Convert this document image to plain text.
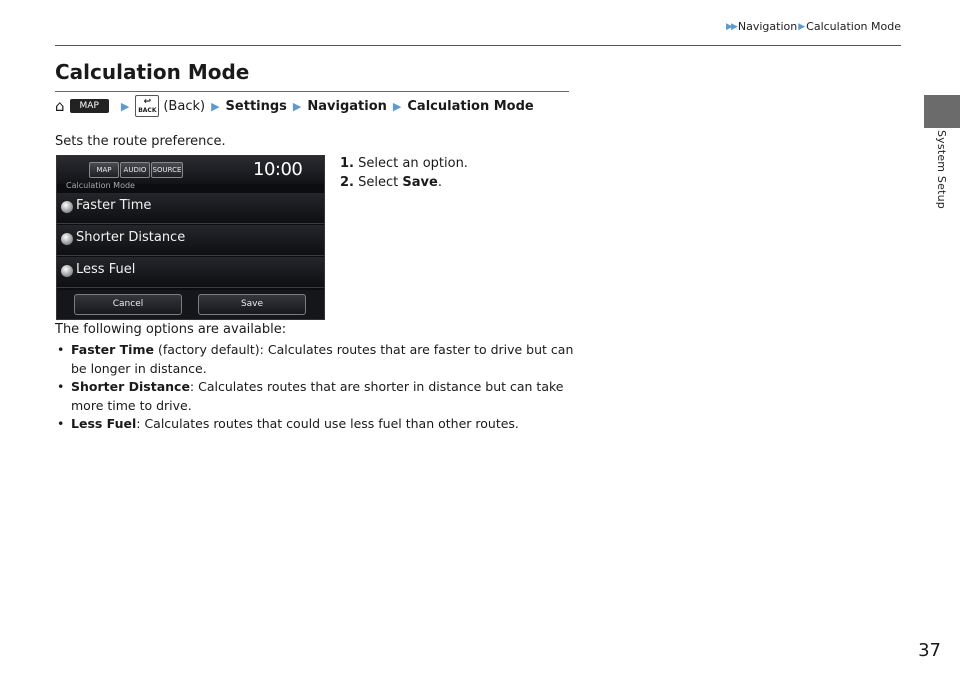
▶▶ Navigation ▶ Calculation Mode
System Setup
Calculation Mode
⌂	MAP	▶ ↩
BACK (Back) ▶ Settings ▶ Navigation ▶ Calculation Mode
Sets the route preference.
1. Select an option.
2. Select Save.
MAP	AUDIO SOURCE	10:00
Calculation Mode
Faster Time
Shorter Distance
Less Fuel
Cancel	Save
The following options are available:
• Faster Time (factory default): Calculates routes that are faster to drive but can be longer in distance.
• Shorter Distance: Calculates routes that are shorter in distance but can take more time to drive.
• Less Fuel: Calculates routes that could use less fuel than other routes.
37
